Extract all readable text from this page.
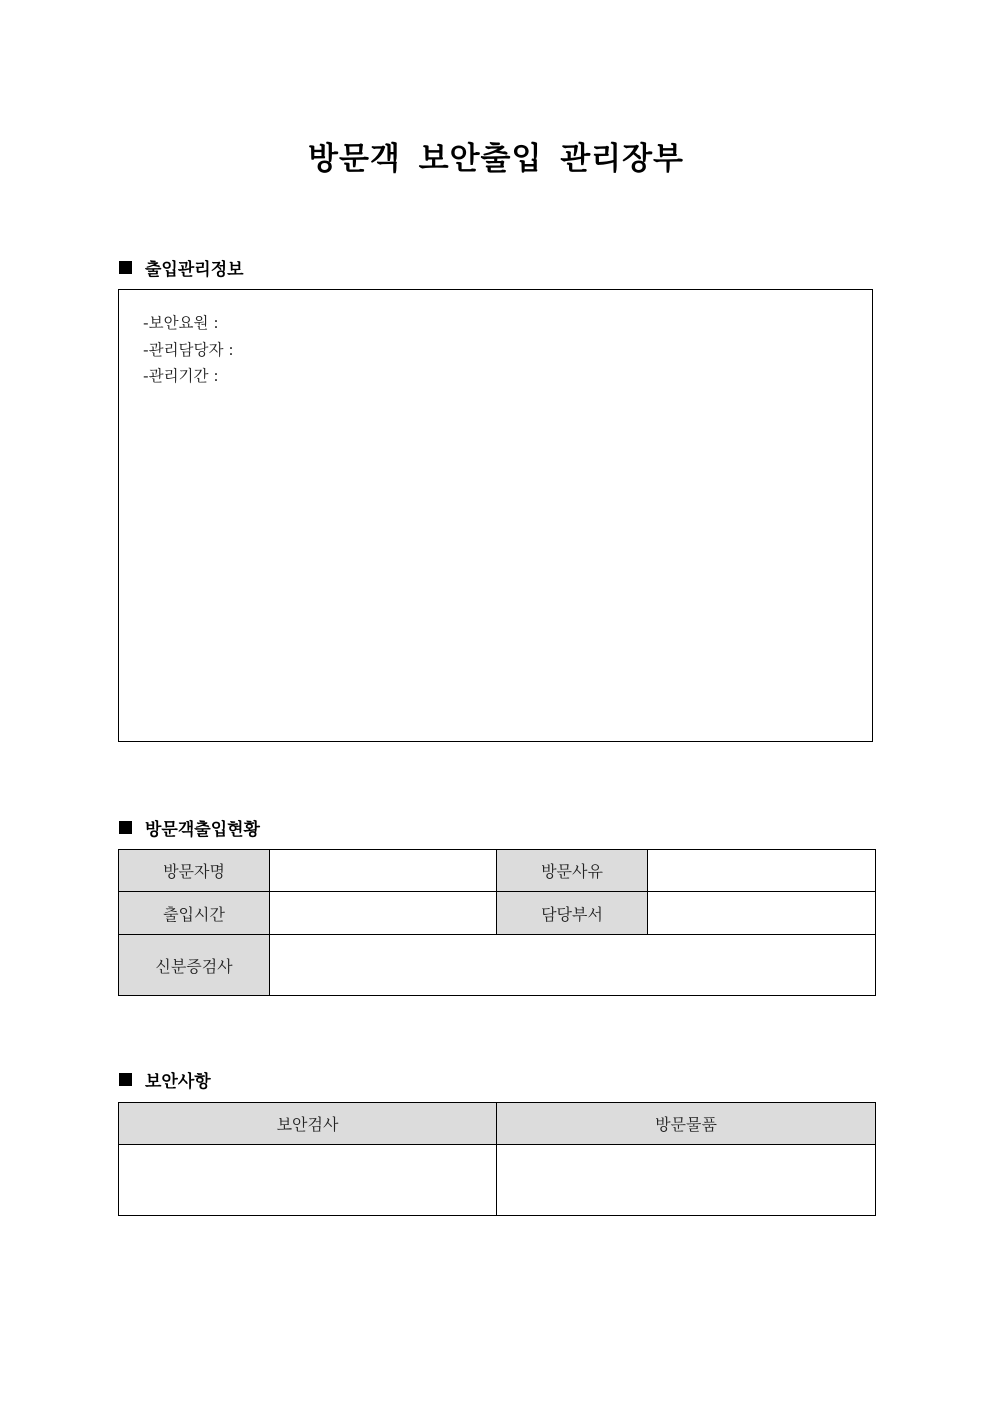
방문객 보안출입 관리장부
출입관리정보
-보안요원 :
-관리담당자 :
-관리기간 :
방문객출입현황
방문자명		방문사유	
출입시간		담당부서	
신분증검사			
보안사항
보안검사	방문물품
